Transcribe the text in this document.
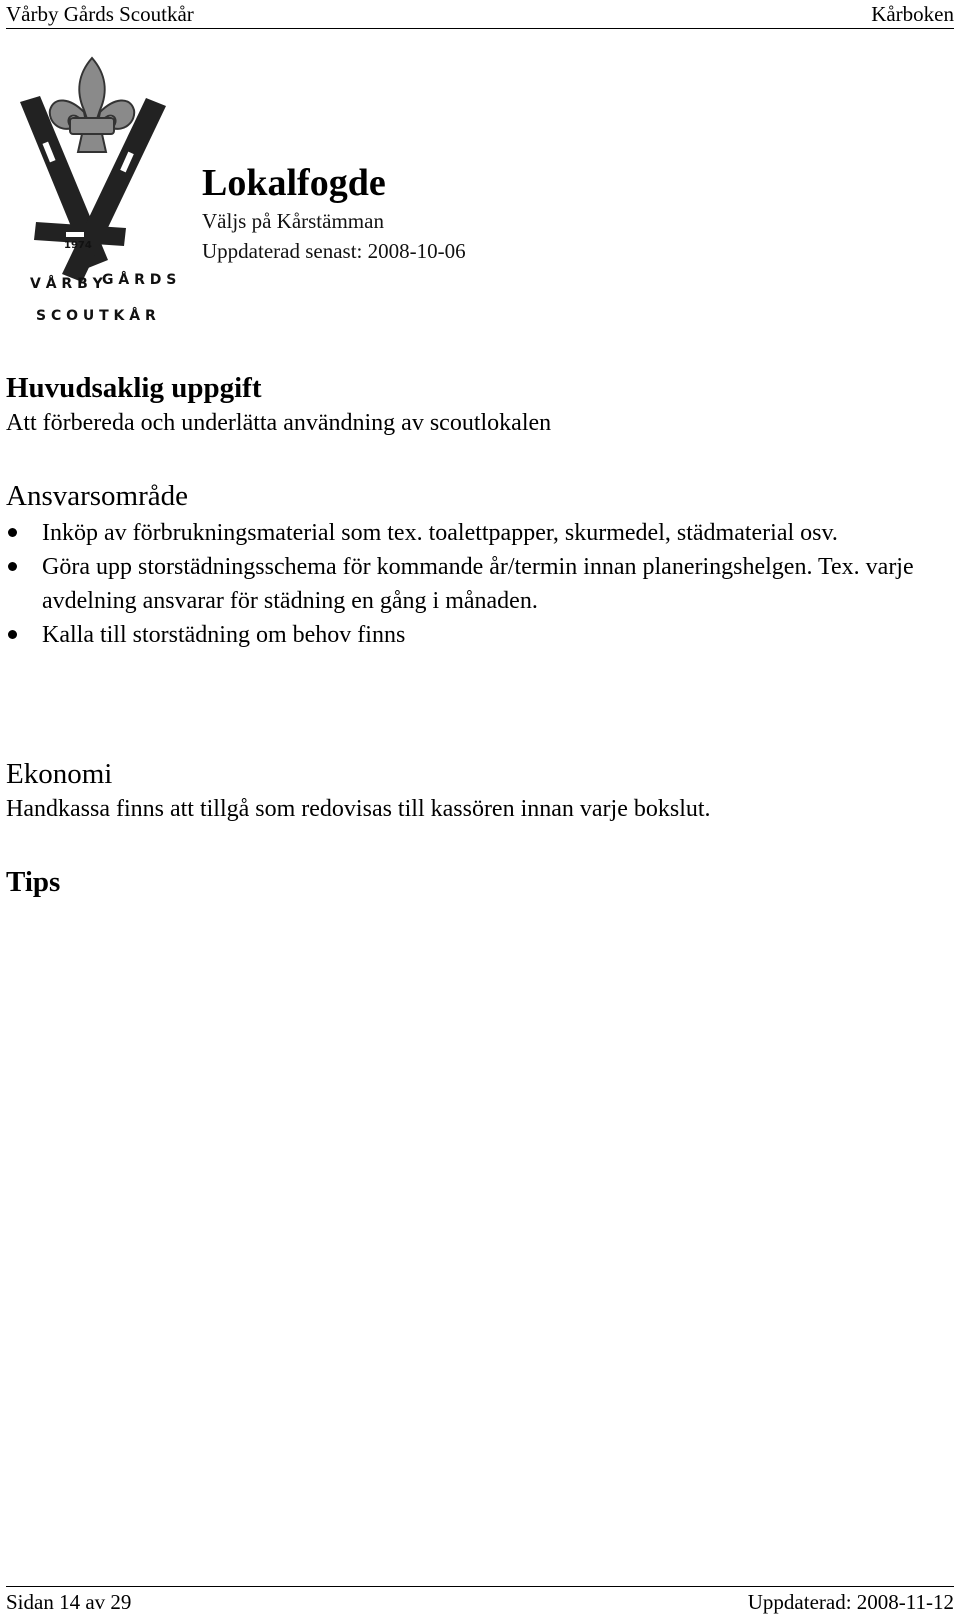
Vårby Gårds Scoutkår	Kårboken
V Å R B Y G Å R D S
S C O U T K Å R
1974
Lokalfogde
Väljs på Kårstämman
Uppdaterad senast: 2008-10-06
Huvudsaklig uppgift
Att förbereda och underlätta användning av scoutlokalen
Ansvarsområde
Inköp av förbrukningsmaterial som tex. toalettpapper, skurmedel, städmaterial osv.
Göra upp storstädningsschema för kommande år/termin innan planeringshelgen. Tex. varje avdelning ansvarar för städning en gång i månaden.
Kalla till storstädning om behov finns
Ekonomi
Handkassa finns att tillgå som redovisas till kassören innan varje bokslut.
Tips
Sidan 14 av 29	Uppdaterad: 2008-11-12
